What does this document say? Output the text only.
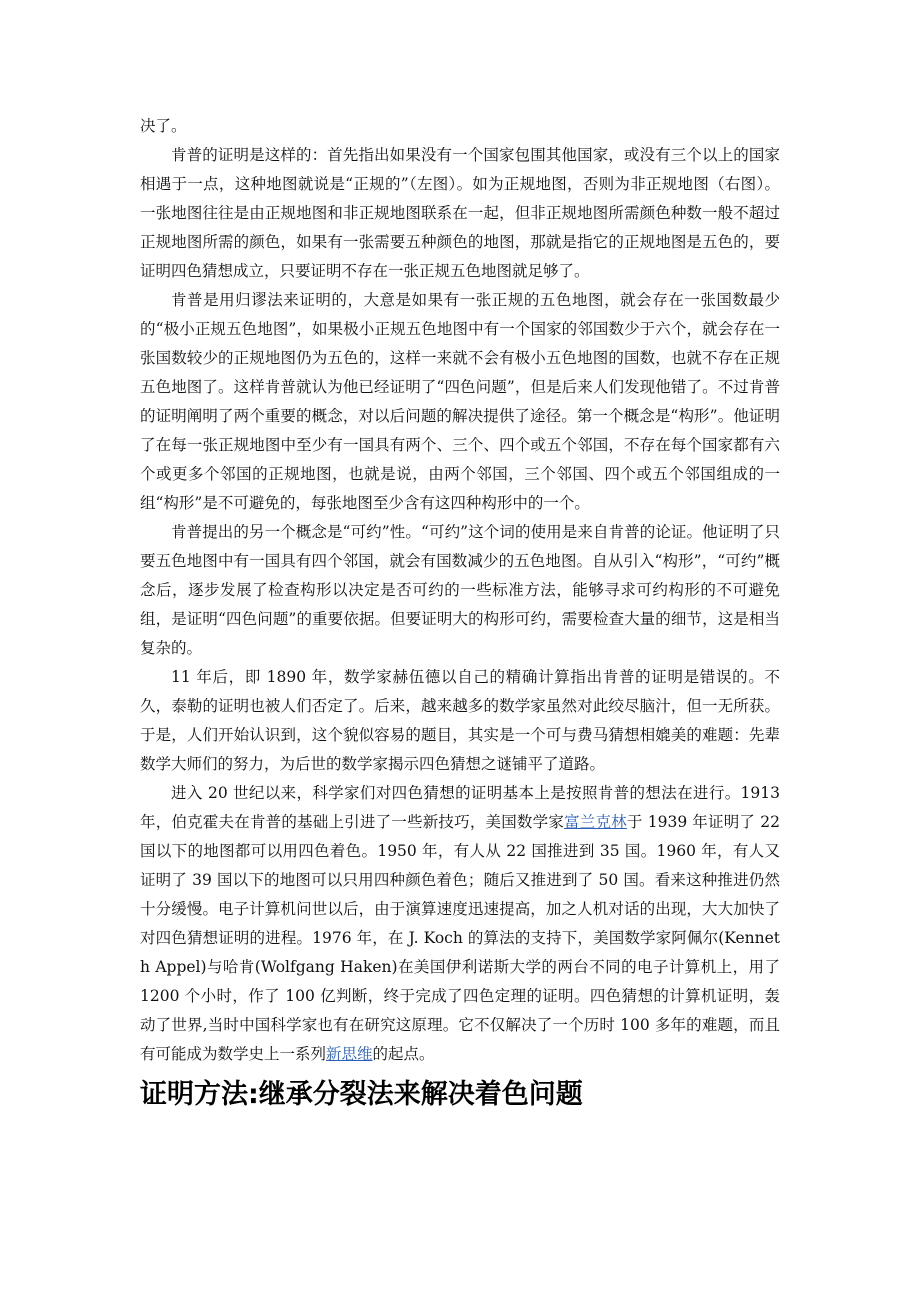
决了。

肯普的证明是这样的：首先指出如果没有一个国家包围其他国家，或没有三个以上的国家相遇于一点，这种地图就说是“正规的”（左图）。如为正规地图，否则为非正规地图（右图）。一张地图往往是由正规地图和非正规地图联系在一起，但非正规地图所需颜色种数一般不超过正规地图所需的颜色，如果有一张需要五种颜色的地图，那就是指它的正规地图是五色的，要证明四色猜想成立，只要证明不存在一张正规五色地图就足够了。

肯普是用归谬法来证明的，大意是如果有一张正规的五色地图，就会存在一张国数最少的“极小正规五色地图”，如果极小正规五色地图中有一个国家的邻国数少于六个，就会存在一张国数较少的正规地图仍为五色的，这样一来就不会有极小五色地图的国数，也就不存在正规五色地图了。这样肯普就认为他已经证明了“四色问题”，但是后来人们发现他错了。不过肯普的证明阐明了两个重要的概念，对以后问题的解决提供了途径。第一个概念是“构形”。他证明了在每一张正规地图中至少有一国具有两个、三个、四个或五个邻国，不存在每个国家都有六个或更多个邻国的正规地图，也就是说，由两个邻国，三个邻国、四个或五个邻国组成的一组“构形”是不可避免的，每张地图至少含有这四种构形中的一个。

肯普提出的另一个概念是“可约”性。“可约”这个词的使用是来自肯普的论证。他证明了只要五色地图中有一国具有四个邻国，就会有国数减少的五色地图。自从引入“构形”，“可约”概念后，逐步发展了检查构形以决定是否可约的一些标准方法，能够寻求可约构形的不可避免组，是证明“四色问题”的重要依据。但要证明大的构形可约，需要检查大量的细节，这是相当复杂的。

11 年后，即 1890 年，数学家赫伍德以自己的精确计算指出肯普的证明是错误的。不久，泰勒的证明也被人们否定了。后来，越来越多的数学家虽然对此绞尽脑汁，但一无所获。于是，人们开始认识到，这个貌似容易的题目，其实是一个可与费马猜想相媲美的难题：先辈数学大师们的努力，为后世的数学家揭示四色猜想之谜铺平了道路。

进入 20 世纪以来，科学家们对四色猜想的证明基本上是按照肯普的想法在进行。1913 年，伯克霍夫在肯普的基础上引进了一些新技巧，美国数学家富兰克林于 1939 年证明了 22 国以下的地图都可以用四色着色。1950 年，有人从 22 国推进到 35 国。1960 年，有人又证明了 39 国以下的地图可以只用四种颜色着色；随后又推进到了 50 国。看来这种推进仍然十分缓慢。电子计算机问世以后，由于演算速度迅速提高，加之人机对话的出现，大大加快了对四色猜想证明的进程。1976 年，在 J. Koch 的算法的支持下，美国数学家阿佩尔(Kenneth Appel)与哈肯(Wolfgang Haken)在美国伊利诺斯大学的两台不同的电子计算机上，用了 1200 个小时，作了 100 亿判断，终于完成了四色定理的证明。四色猜想的计算机证明，轰动了世界,当时中国科学家也有在研究这原理。它不仅解决了一个历时 100 多年的难题，而且有可能成为数学史上一系列新思维的起点。

证明方法:继承分裂法来解决着色问题
